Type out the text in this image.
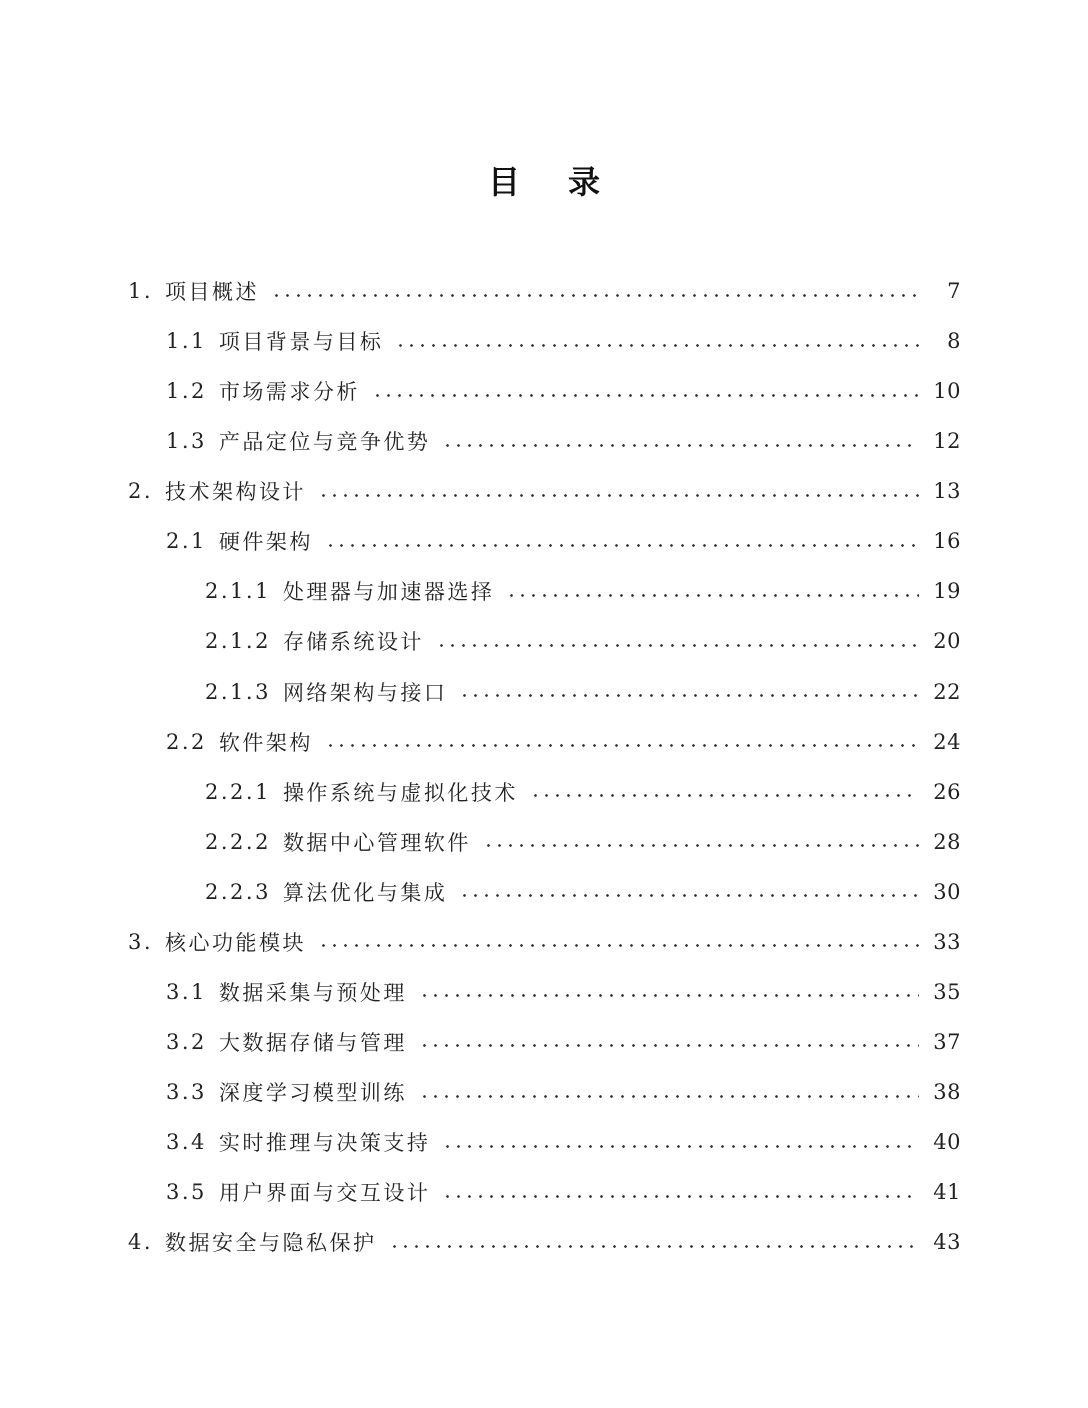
目 录
1. 项目概述	7
1.1 项目背景与目标	8
1.2 市场需求分析	10
1.3 产品定位与竞争优势	12
2. 技术架构设计	13
2.1 硬件架构	16
2.1.1 处理器与加速器选择	19
2.1.2 存储系统设计	20
2.1.3 网络架构与接口	22
2.2 软件架构	24
2.2.1 操作系统与虚拟化技术	26
2.2.2 数据中心管理软件	28
2.2.3 算法优化与集成	30
3. 核心功能模块	33
3.1 数据采集与预处理	35
3.2 大数据存储与管理	37
3.3 深度学习模型训练	38
3.4 实时推理与决策支持	40
3.5 用户界面与交互设计	41
4. 数据安全与隐私保护	43
